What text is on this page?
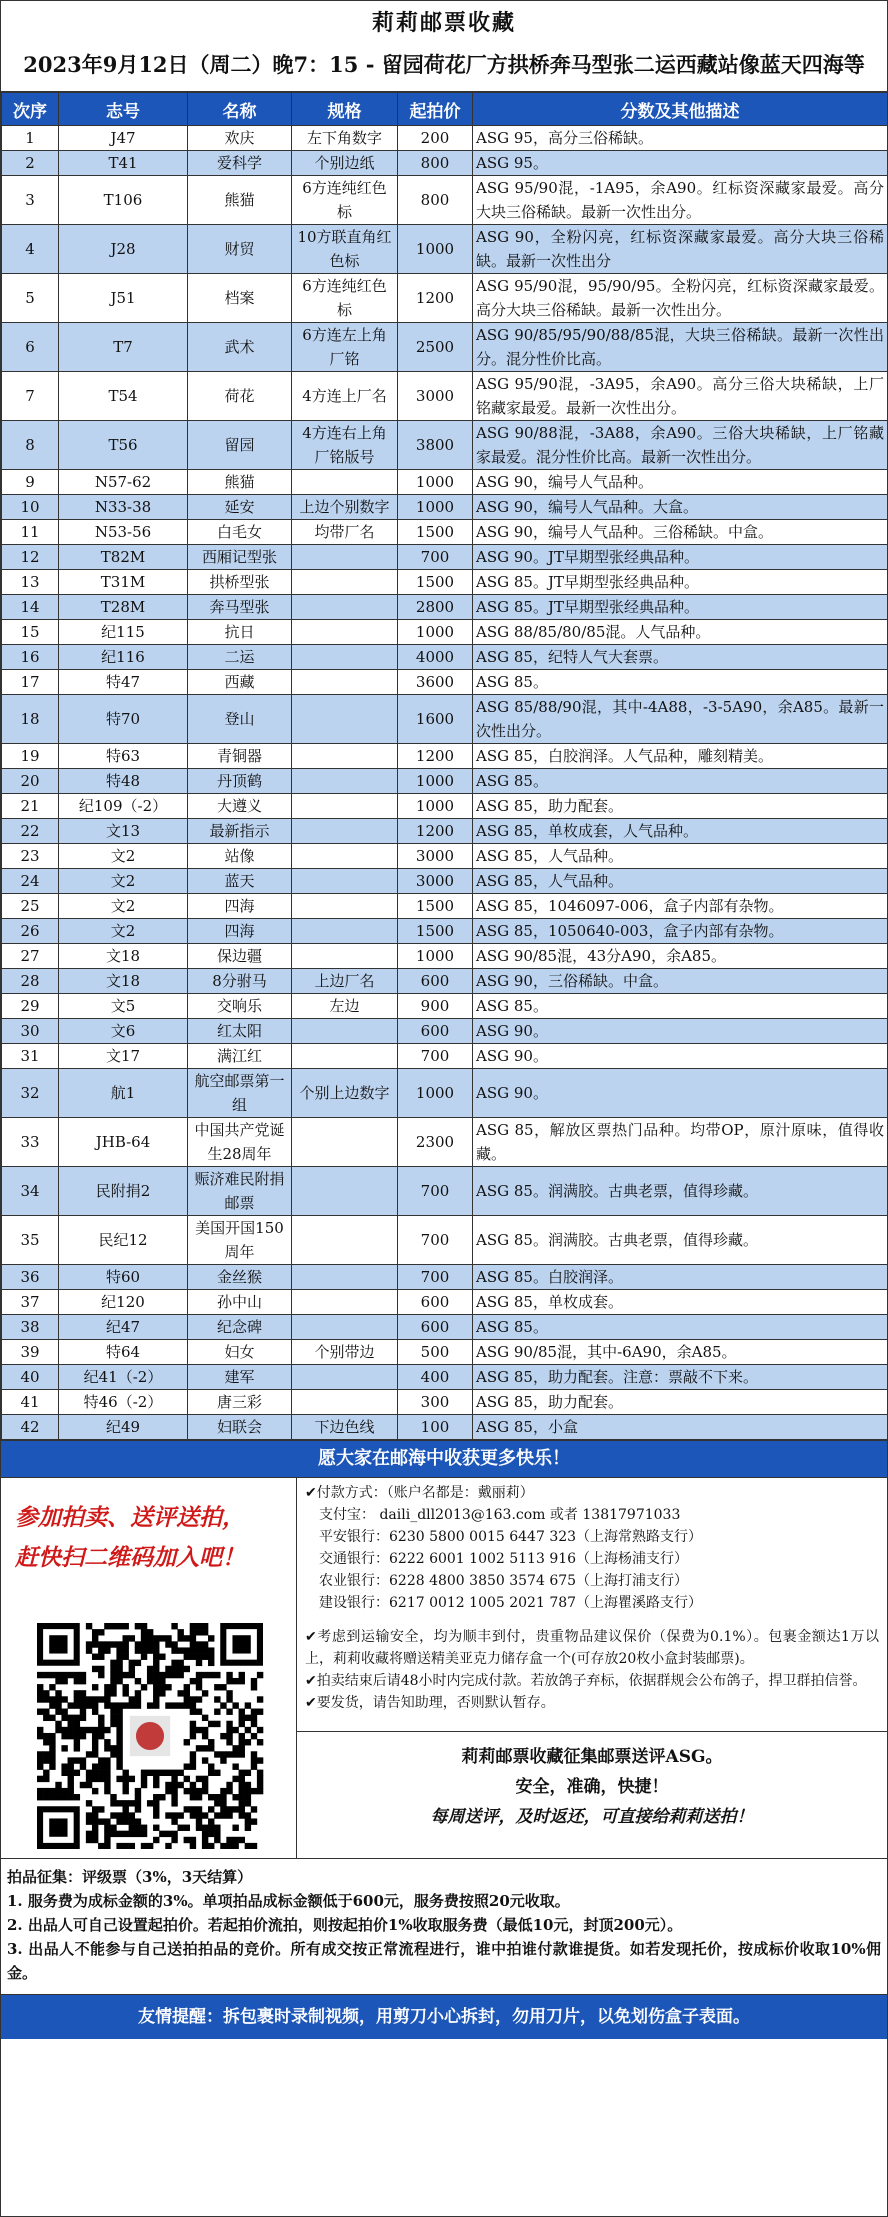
莉莉邮票收藏
2023年9月12日（周二）晚7：15 - 留园荷花厂方拱桥奔马型张二运西藏站像蓝天四海等
次序	志号	名称	规格	起拍价	分数及其他描述
1	J47	欢庆	左下角数字	200	ASG 95，高分三俗稀缺。
2	T41	爱科学	个别边纸	800	ASG 95。
3	T106	熊猫	6方连纯红色标	800	ASG 95/90混，-1A95，余A90。红标资深藏家最爱。高分大块三俗稀缺。最新一次性出分。
4	J28	财贸	10方联直角红色标	1000	ASG 90，全粉闪亮，红标资深藏家最爱。高分大块三俗稀缺。最新一次性出分
5	J51	档案	6方连纯红色标	1200	ASG 95/90混，95/90/95。全粉闪亮，红标资深藏家最爱。高分大块三俗稀缺。最新一次性出分。
6	T7	武术	6方连左上角厂铭	2500	ASG 90/85/95/90/88/85混，大块三俗稀缺。最新一次性出分。混分性价比高。
7	T54	荷花	4方连上厂名	3000	ASG 95/90混，-3A95，余A90。高分三俗大块稀缺，上厂铭藏家最爱。最新一次性出分。
8	T56	留园	4方连右上角厂铭版号	3800	ASG 90/88混，-3A88，余A90。三俗大块稀缺，上厂铭藏家最爱。混分性价比高。最新一次性出分。
9	N57-62	熊猫		1000	ASG 90，编号人气品种。
10	N33-38	延安	上边个别数字	1000	ASG 90，编号人气品种。大盒。
11	N53-56	白毛女	均带厂名	1500	ASG 90，编号人气品种。三俗稀缺。中盒。
12	T82M	西厢记型张		700	ASG 90。JT早期型张经典品种。
13	T31M	拱桥型张		1500	ASG 85。JT早期型张经典品种。
14	T28M	奔马型张		2800	ASG 85。JT早期型张经典品种。
15	纪115	抗日		1000	ASG 88/85/80/85混。人气品种。
16	纪116	二运		4000	ASG 85，纪特人气大套票。
17	特47	西藏		3600	ASG 85。
18	特70	登山		1600	ASG 85/88/90混，其中-4A88，-3-5A90，余A85。最新一次性出分。
19	特63	青铜器		1200	ASG 85，白胶润泽。人气品种，雕刻精美。
20	特48	丹顶鹤		1000	ASG 85。
21	纪109（-2）	大遵义		1000	ASG 85，助力配套。
22	文13	最新指示		1200	ASG 85，单枚成套，人气品种。
23	文2	站像		3000	ASG 85，人气品种。
24	文2	蓝天		3000	ASG 85，人气品种。
25	文2	四海		1500	ASG 85，1046097-006，盒子内部有杂物。
26	文2	四海		1500	ASG 85，1050640-003，盒子内部有杂物。
27	文18	保边疆		1000	ASG 90/85混，43分A90，余A85。
28	文18	8分驸马	上边厂名	600	ASG 90，三俗稀缺。中盒。
29	文5	交响乐	左边	900	ASG 85。
30	文6	红太阳		600	ASG 90。
31	文17	满江红		700	ASG 90。
32	航1	航空邮票第一组	个别上边数字	1000	ASG 90。
33	JHB-64	中国共产党诞生28周年		2300	ASG 85，解放区票热门品种。均带OP，原汁原味，值得收藏。
34	民附捐2	赈济难民附捐邮票		700	ASG 85。润满胶。古典老票，值得珍藏。
35	民纪12	美国开国150周年		700	ASG 85。润满胶。古典老票，值得珍藏。
36	特60	金丝猴		700	ASG 85。白胶润泽。
37	纪120	孙中山		600	ASG 85，单枚成套。
38	纪47	纪念碑		600	ASG 85。
39	特64	妇女	个别带边	500	ASG 90/85混，其中-6A90，余A85。
40	纪41（-2）	建军		400	ASG 85，助力配套。注意：票敲不下来。
41	特46（-2）	唐三彩		300	ASG 85，助力配套。
42	纪49	妇联会	下边色线	100	ASG 85，小盒
愿大家在邮海中收获更多快乐！
参加拍卖、送评送拍，
赶快扫二维码加入吧！
✔付款方式：（账户名都是：戴丽莉）
支付宝： daili_dll2013@163.com 或者 13817971033
平安银行：6230 5800 0015 6447 323（上海常熟路支行）
交通银行：6222 6001 1002 5113 916（上海杨浦支行）
农业银行：6228 4800 3850 3574 675（上海打浦支行）
建设银行：6217 0012 1005 2021 787（上海瞿溪路支行）
✔考虑到运输安全，均为顺丰到付，贵重物品建议保价（保费为0.1%）。包裹金额达1万以上，莉莉收藏将赠送精美亚克力储存盒一个(可存放20枚小盒封装邮票)。
✔拍卖结束后请48小时内完成付款。若放鸽子弃标，依据群规会公布鸽子，捍卫群拍信誉。
✔要发货，请告知助理，否则默认暂存。
莉莉邮票收藏征集邮票送评ASG。
安全，准确，快捷！
每周送评，及时返还，可直接给莉莉送拍！
拍品征集：评级票（3%，3天结算）
1. 服务费为成标金额的3%。单项拍品成标金额低于600元，服务费按照20元收取。
2. 出品人可自己设置起拍价。若起拍价流拍，则按起拍价1%收取服务费（最低10元，封顶200元）。
3. 出品人不能参与自己送拍拍品的竞价。所有成交按正常流程进行，谁中拍谁付款谁提货。如若发现托价，按成标价收取10%佣金。
友情提醒：拆包裹时录制视频，用剪刀小心拆封，勿用刀片，以免划伤盒子表面。
